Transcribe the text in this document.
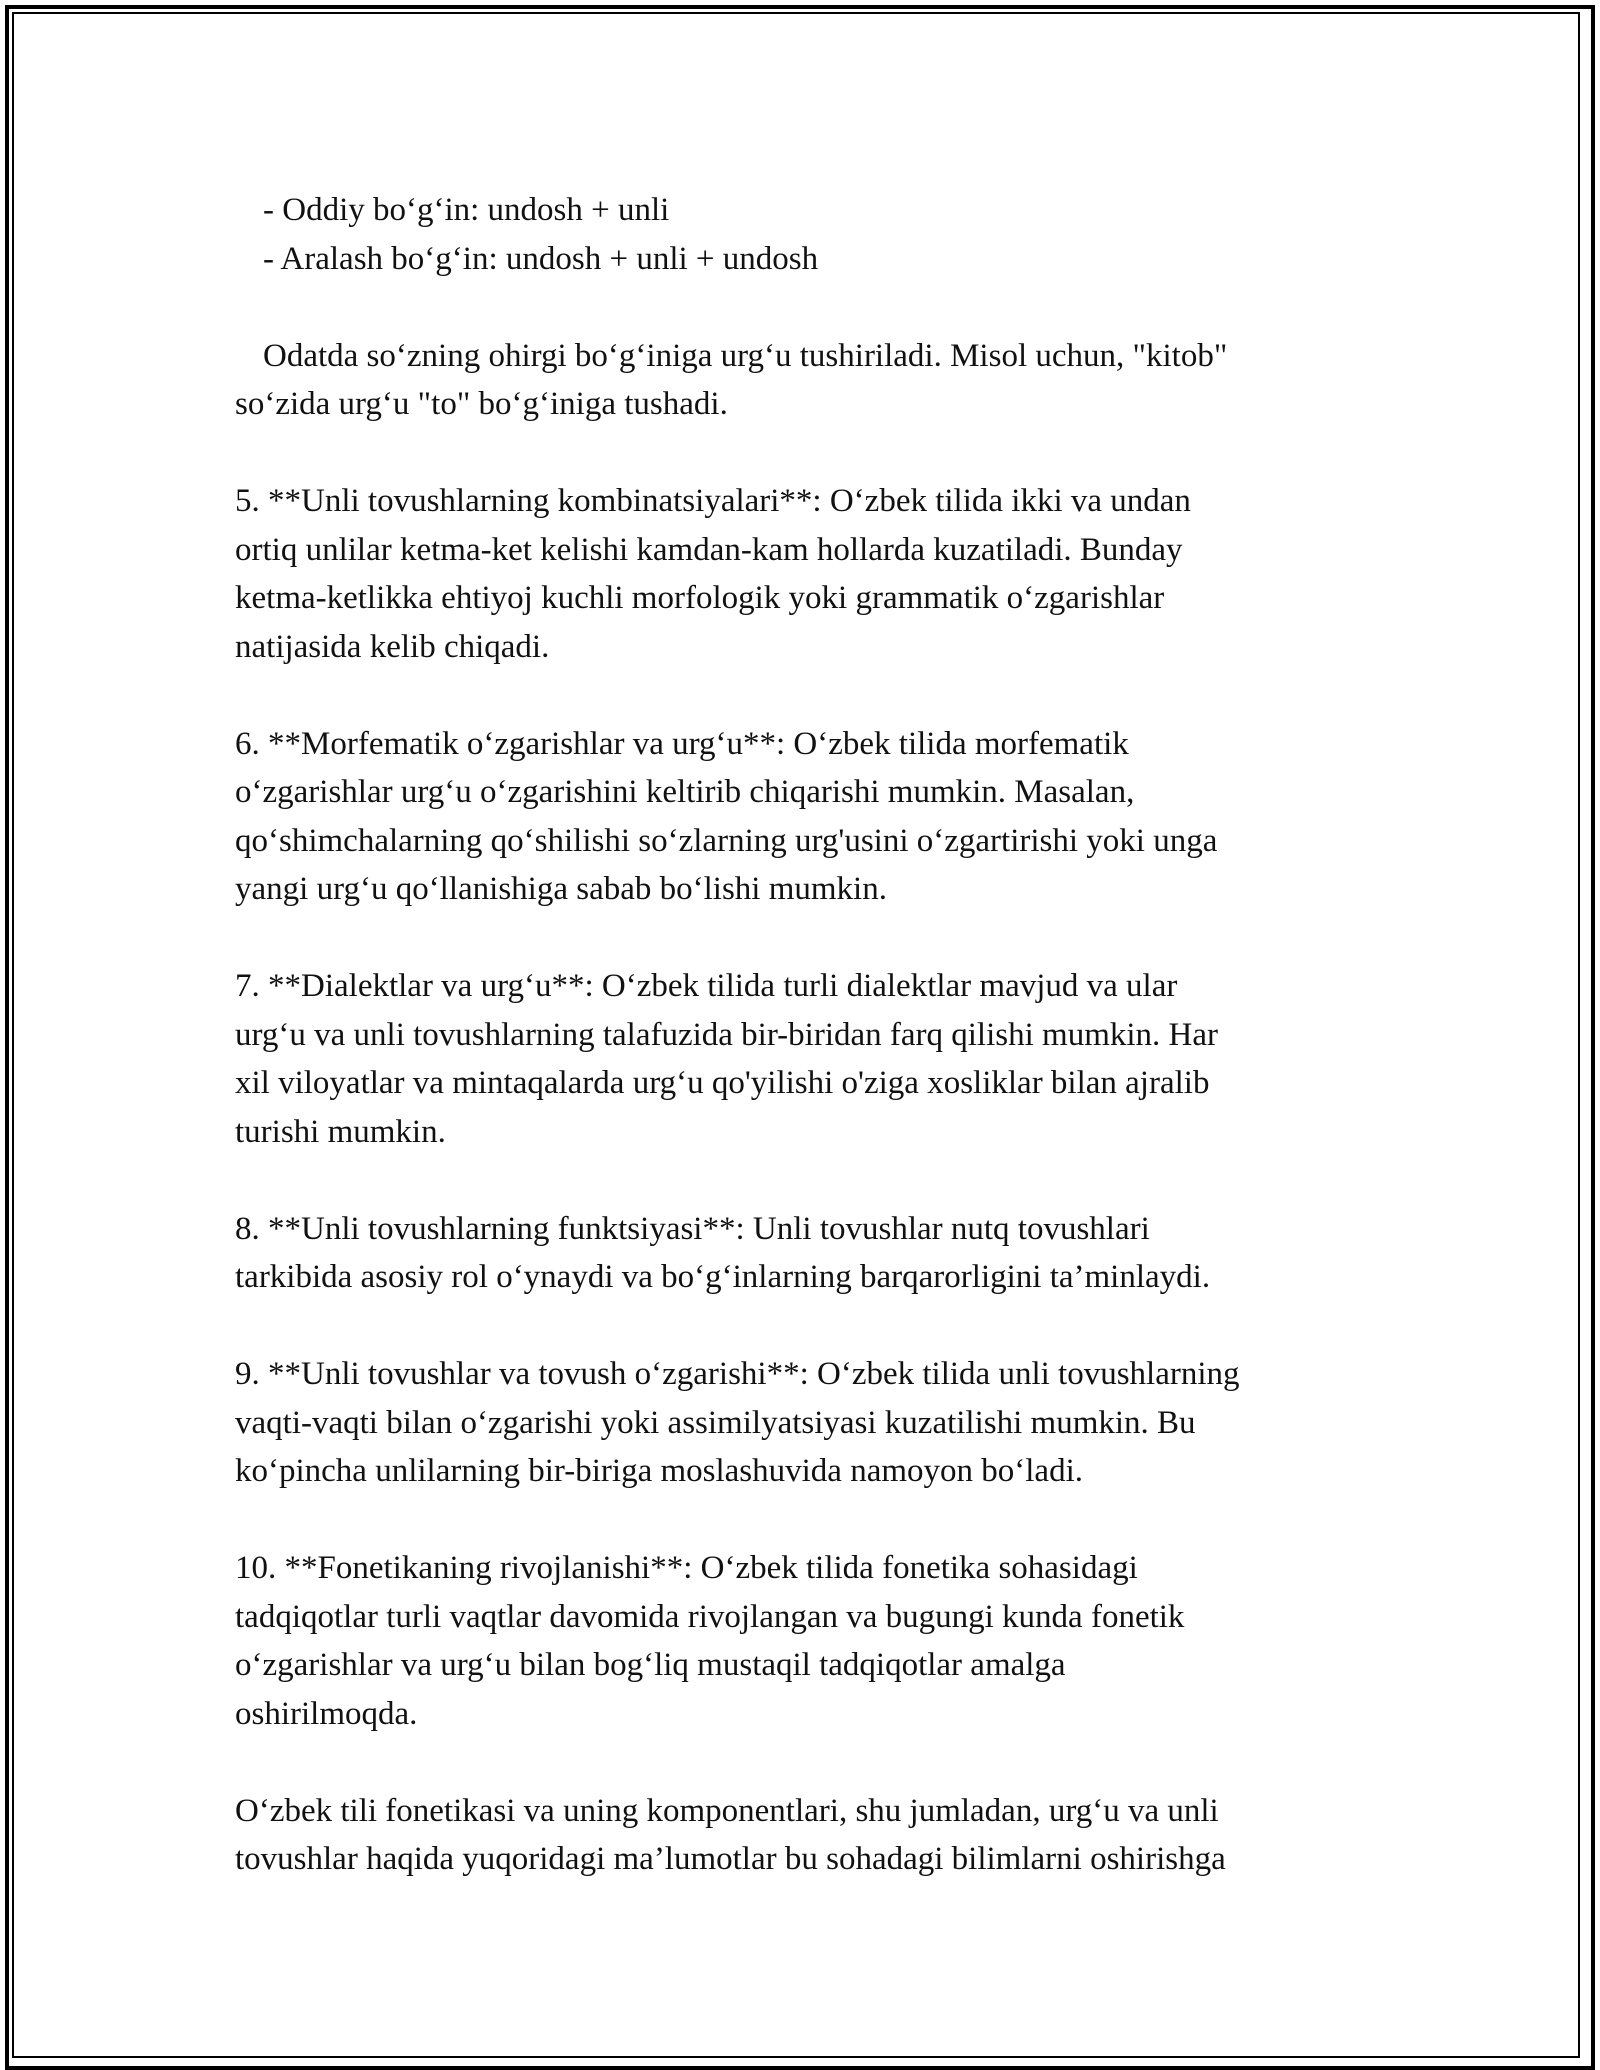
- Oddiy bo‘g‘in: undosh + unli
- Aralash bo‘g‘in: undosh + unli + undosh
Odatda so‘zning ohirgi bo‘g‘iniga urg‘u tushiriladi. Misol uchun, "kitob"
so‘zida urg‘u "to" bo‘g‘iniga tushadi.
5. **Unli tovushlarning kombinatsiyalari**: O‘zbek tilida ikki va undan
ortiq unlilar ketma-ket kelishi kamdan-kam hollarda kuzatiladi. Bunday
ketma-ketlikka ehtiyoj kuchli morfologik yoki grammatik o‘zgarishlar
natijasida kelib chiqadi.
6. **Morfematik o‘zgarishlar va urg‘u**: O‘zbek tilida morfematik
o‘zgarishlar urg‘u o‘zgarishini keltirib chiqarishi mumkin. Masalan,
qo‘shimchalarning qo‘shilishi so‘zlarning urg'usini o‘zgartirishi yoki unga
yangi urg‘u qo‘llanishiga sabab bo‘lishi mumkin.
7. **Dialektlar va urg‘u**: O‘zbek tilida turli dialektlar mavjud va ular
urg‘u va unli tovushlarning talafuzida bir-biridan farq qilishi mumkin. Har
xil viloyatlar va mintaqalarda urg‘u qo'yilishi o'ziga xosliklar bilan ajralib
turishi mumkin.
8. **Unli tovushlarning funktsiyasi**: Unli tovushlar nutq tovushlari
tarkibida asosiy rol o‘ynaydi va bo‘g‘inlarning barqarorligini ta’minlaydi.
9. **Unli tovushlar va tovush o‘zgarishi**: O‘zbek tilida unli tovushlarning
vaqti-vaqti bilan o‘zgarishi yoki assimilyatsiyasi kuzatilishi mumkin. Bu
ko‘pincha unlilarning bir-biriga moslashuvida namoyon bo‘ladi.
10. **Fonetikaning rivojlanishi**: O‘zbek tilida fonetika sohasidagi
tadqiqotlar turli vaqtlar davomida rivojlangan va bugungi kunda fonetik
o‘zgarishlar va urg‘u bilan bog‘liq mustaqil tadqiqotlar amalga
oshirilmoqda.
O‘zbek tili fonetikasi va uning komponentlari, shu jumladan, urg‘u va unli
tovushlar haqida yuqoridagi ma’lumotlar bu sohadagi bilimlarni oshirishga
